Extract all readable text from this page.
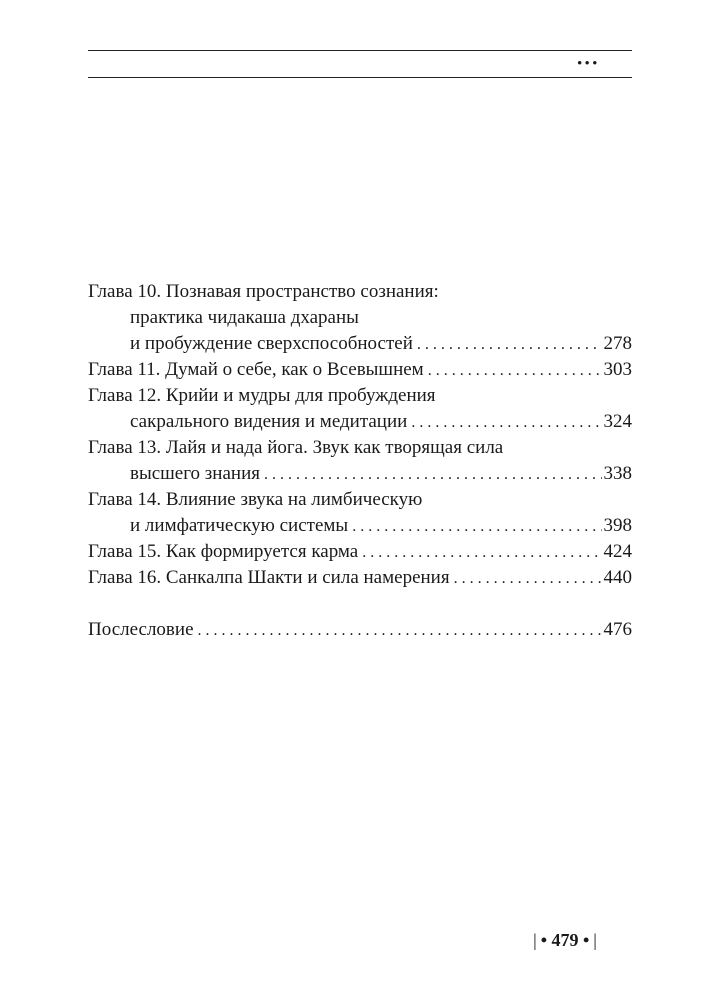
•••
Глава 10. Познавая пространство сознания:
практика чидакаша дхараны
и пробуждение сверхспособностей . . .	278
Глава 11. Думай о себе, как о Всевышнем . . .	303
Глава 12. Крийи и мудры для пробуждения
сакрального видения и медитации . . .	324
Глава 13. Лайя и нада йога. Звук как творящая сила
высшего знания . . .	338
Глава 14. Влияние звука на лимбическую
и лимфатическую системы . . .	398
Глава 15. Как формируется карма . . .	424
Глава 16. Санкалпа Шакти и сила намерения . . .	440
Послесловие . . .	476
| • 479 • |
